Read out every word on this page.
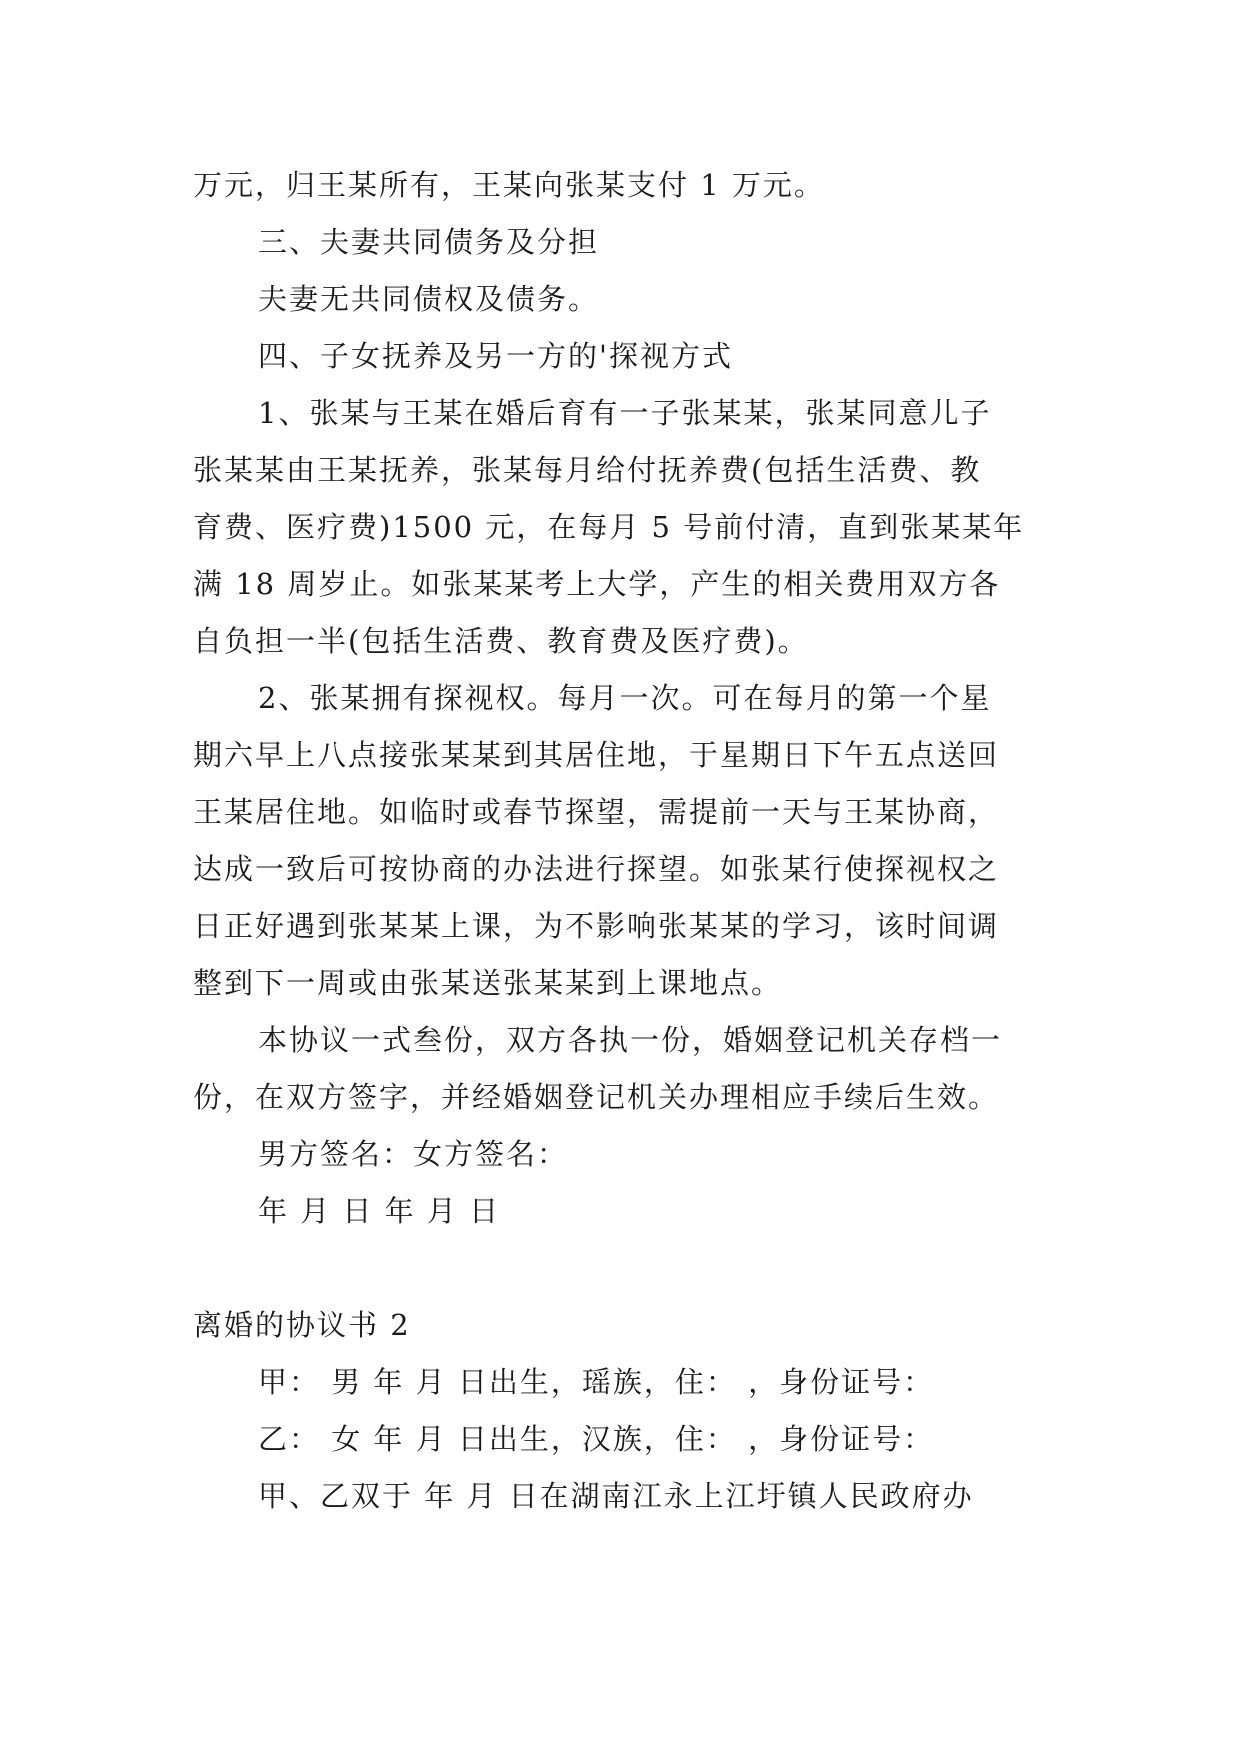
万元，归王某所有，王某向张某支付 1 万元。
三、夫妻共同债务及分担
夫妻无共同债权及债务。
四、子女抚养及另一方的'探视方式
1、张某与王某在婚后育有一子张某某，张某同意儿子
张某某由王某抚养，张某每月给付抚养费(包括生活费、教
育费、医疗费)1500 元，在每月 5 号前付清，直到张某某年
满 18 周岁止。如张某某考上大学，产生的相关费用双方各
自负担一半(包括生活费、教育费及医疗费)。
2、张某拥有探视权。每月一次。可在每月的第一个星
期六早上八点接张某某到其居住地，于星期日下午五点送回
王某居住地。如临时或春节探望，需提前一天与王某协商，
达成一致后可按协商的办法进行探望。如张某行使探视权之
日正好遇到张某某上课，为不影响张某某的学习，该时间调
整到下一周或由张某送张某某到上课地点。
本协议一式叁份，双方各执一份，婚姻登记机关存档一
份，在双方签字，并经婚姻登记机关办理相应手续后生效。
男方签名：女方签名：
年 月 日 年 月 日
离婚的协议书 2
甲： 男 年 月 日出生，瑶族，住： ，身份证号：
乙： 女 年 月 日出生，汉族，住： ，身份证号：
甲、乙双于 年 月 日在湖南江永上江圩镇人民政府办
